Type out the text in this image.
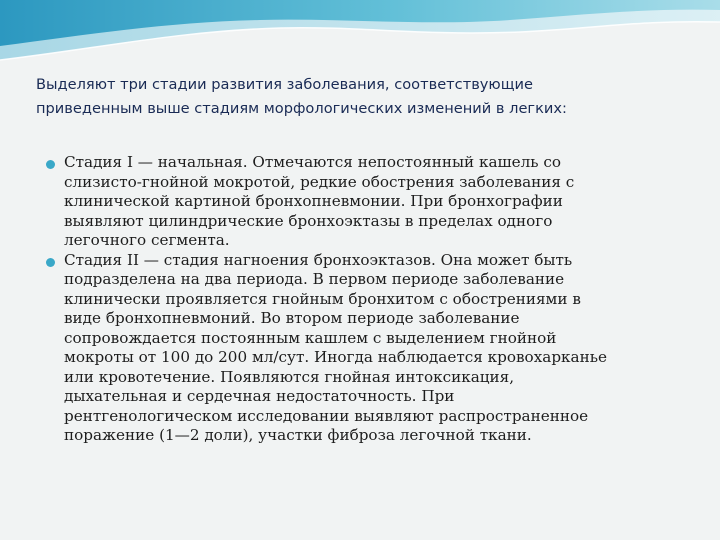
Выделяют три стадии развития заболевания, соответствующие
приведенным выше стадиям морфологических изменений в легких:
Стадия I — начальная. Отмечаются непостоянный кашель со
слизисто-гнойной мокротой, редкие обострения заболевания с
клинической картиной бронхопневмонии. При бронхографии
выявляют цилиндрические бронхоэктазы в пределах одного
легочного сегмента.
Стадия II — стадия нагноения бронхоэктазов. Она может быть
подразделена на два периода. В первом периоде заболевание
клинически проявляется гнойным бронхитом с обострениями в
виде бронхопневмоний. Во втором периоде заболевание
сопровождается постоянным кашлем с выделением гнойной
мокроты от 100 до 200 мл/сут. Иногда наблюдается кровохарканье
или кровотечение. Появляются гнойная интоксикация,
дыхательная и сердечная недостаточность. При
рентгенологическом исследовании выявляют распространенное
поражение (1—2 доли), участки фиброза легочной ткани.
